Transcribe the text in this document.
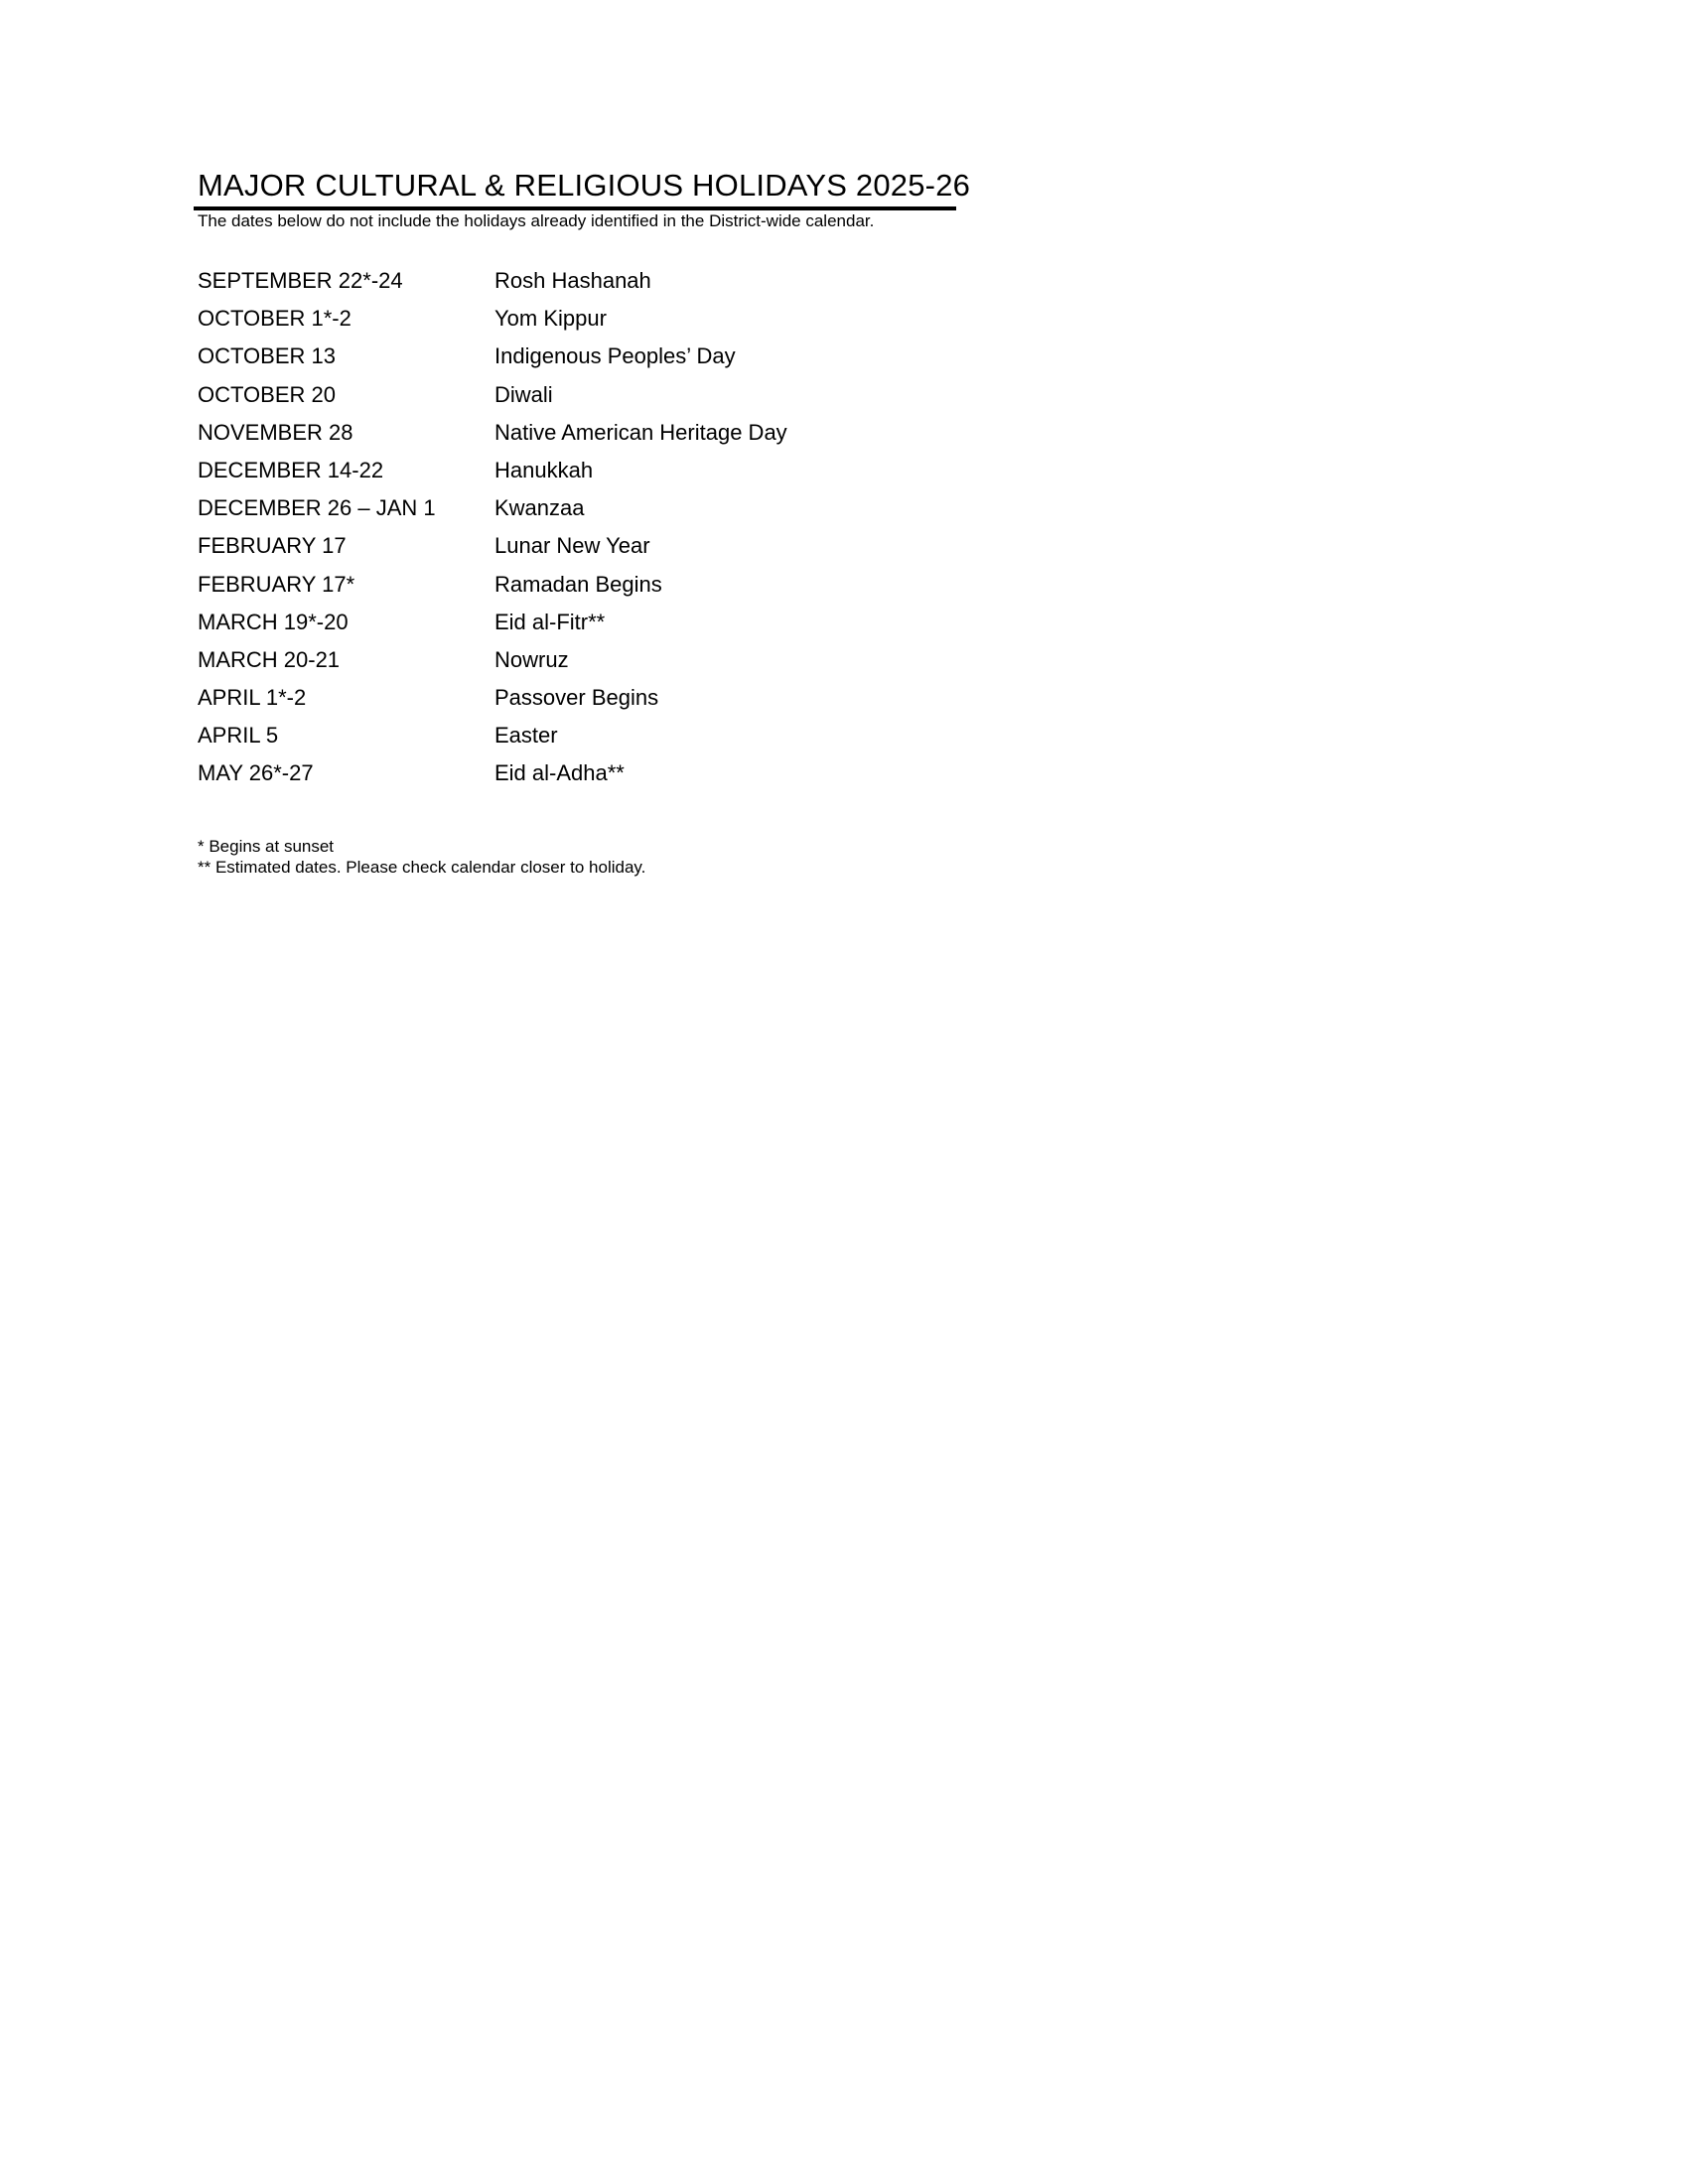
MAJOR CULTURAL & RELIGIOUS HOLIDAYS 2025-26
The dates below do not include the holidays already identified in the District-wide calendar.
SEPTEMBER 22*-24	Rosh Hashanah
OCTOBER 1*-2	Yom Kippur
OCTOBER 13	Indigenous Peoples’ Day
OCTOBER 20	Diwali
NOVEMBER 28	Native American Heritage Day
DECEMBER 14-22	Hanukkah
DECEMBER 26 – JAN 1	Kwanzaa
FEBRUARY 17	Lunar New Year
FEBRUARY 17*	Ramadan Begins
MARCH 19*-20	Eid al-Fitr**
MARCH 20-21	Nowruz
APRIL 1*-2	Passover Begins
APRIL 5	Easter
MAY 26*-27	Eid al-Adha**
* Begins at sunset
** Estimated dates. Please check calendar closer to holiday.
